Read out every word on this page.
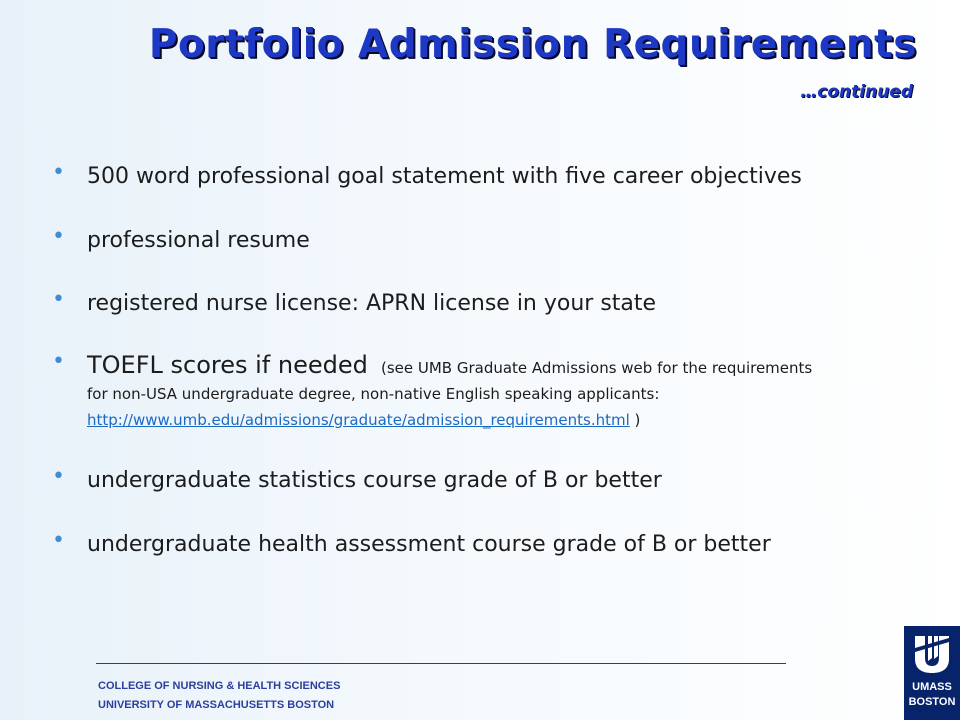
Portfolio Admission Requirements
…continued
• 500 word professional goal statement with five career objectives
• professional resume
• registered nurse license: APRN license in your state
• TOEFL scores if needed (see UMB Graduate Admissions web for the requirements
for non-USA undergraduate degree, non-native English speaking applicants:
http://www.umb.edu/admissions/graduate/admission_requirements.html )
• undergraduate statistics course grade of B or better
• undergraduate health assessment course grade of B or better
COLLEGE OF NURSING & HEALTH SCIENCES
UNIVERSITY OF MASSACHUSETTS BOSTON
UMASS
BOSTON
